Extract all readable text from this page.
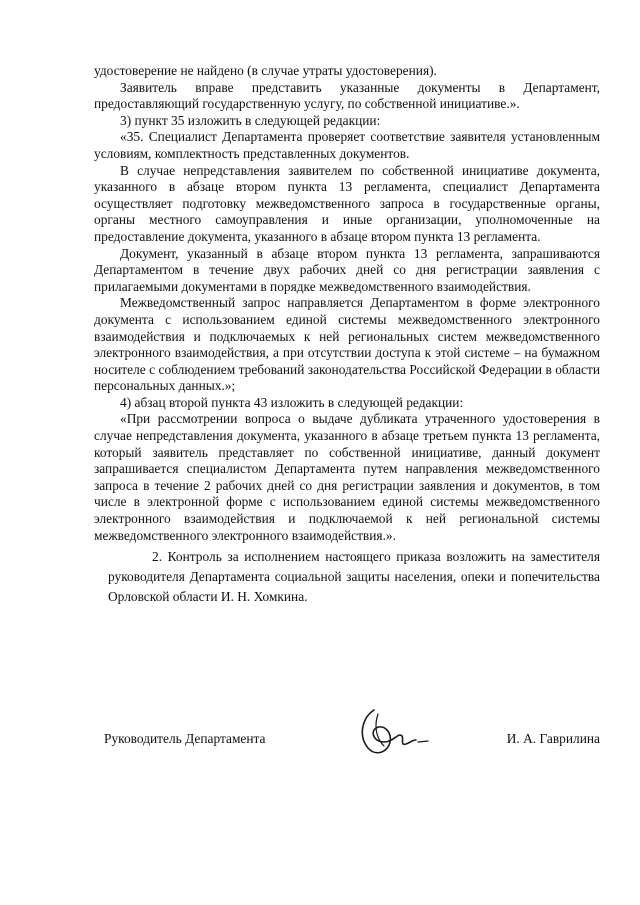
удостоверение не найдено (в случае утраты удостоверения).

Заявитель вправе представить указанные документы в Департамент, предоставляющий государственную услугу, по собственной инициативе.».

3) пункт 35 изложить в следующей редакции:

«35. Специалист Департамента проверяет соответствие заявителя установленным условиям, комплектность представленных документов.

В случае непредставления заявителем по собственной инициативе документа, указанного в абзаце втором пункта 13 регламента, специалист Департамента осуществляет подготовку межведомственного запроса в государственные органы, органы местного самоуправления и иные организации, уполномоченные на предоставление документа, указанного в абзаце втором пункта 13 регламента.

Документ, указанный в абзаце втором пункта 13 регламента, запрашиваются Департаментом в течение двух рабочих дней со дня регистрации заявления с прилагаемыми документами в порядке межведомственного взаимодействия.

Межведомственный запрос направляется Департаментом в форме электронного документа с использованием единой системы межведомственного электронного взаимодействия и подключаемых к ней региональных систем межведомственного электронного взаимодействия, а при отсутствии доступа к этой системе – на бумажном носителе с соблюдением требований законодательства Российской Федерации в области персональных данных.»;

4) абзац второй пункта 43 изложить в следующей редакции:

«При рассмотрении вопроса о выдаче дубликата утраченного удостоверения в случае непредставления документа, указанного в абзаце третьем пункта 13 регламента, который заявитель представляет по собственной инициативе, данный документ запрашивается специалистом Департамента путем направления межведомственного запроса в течение 2 рабочих дней со дня регистрации заявления и документов, в том числе в электронной форме с использованием единой системы межведомственного электронного взаимодействия и подключаемой к ней региональной системы межведомственного электронного взаимодействия.».

2. Контроль за исполнением настоящего приказа возложить на заместителя руководителя Департамента социальной защиты населения, опеки и попечительства Орловской области И. Н. Хомкина.

Руководитель Департамента	И. А. Гаврилина
